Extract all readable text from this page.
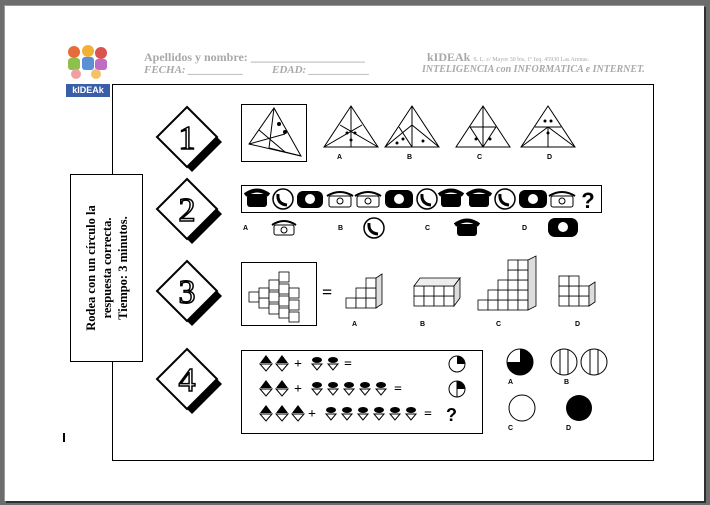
kIDEAk
Apellidos y nombre: ___________________
FECHA: __________	EDAD: ___________
kIDEAk S. L. c/ Mayor 30 bis, 1º Izq. 45930 Las Arenas.
INTELIGENCIA con INFORMATICA e INTERNET.
Rodea con un círculo la respuesta correcta. Tiempo: 3 minutos.
1
2
3
4
A	B	C	D
?
A	B	C	D
=
A	B	C	D
+	=
+	=
+	= ?
A	B
C	D
